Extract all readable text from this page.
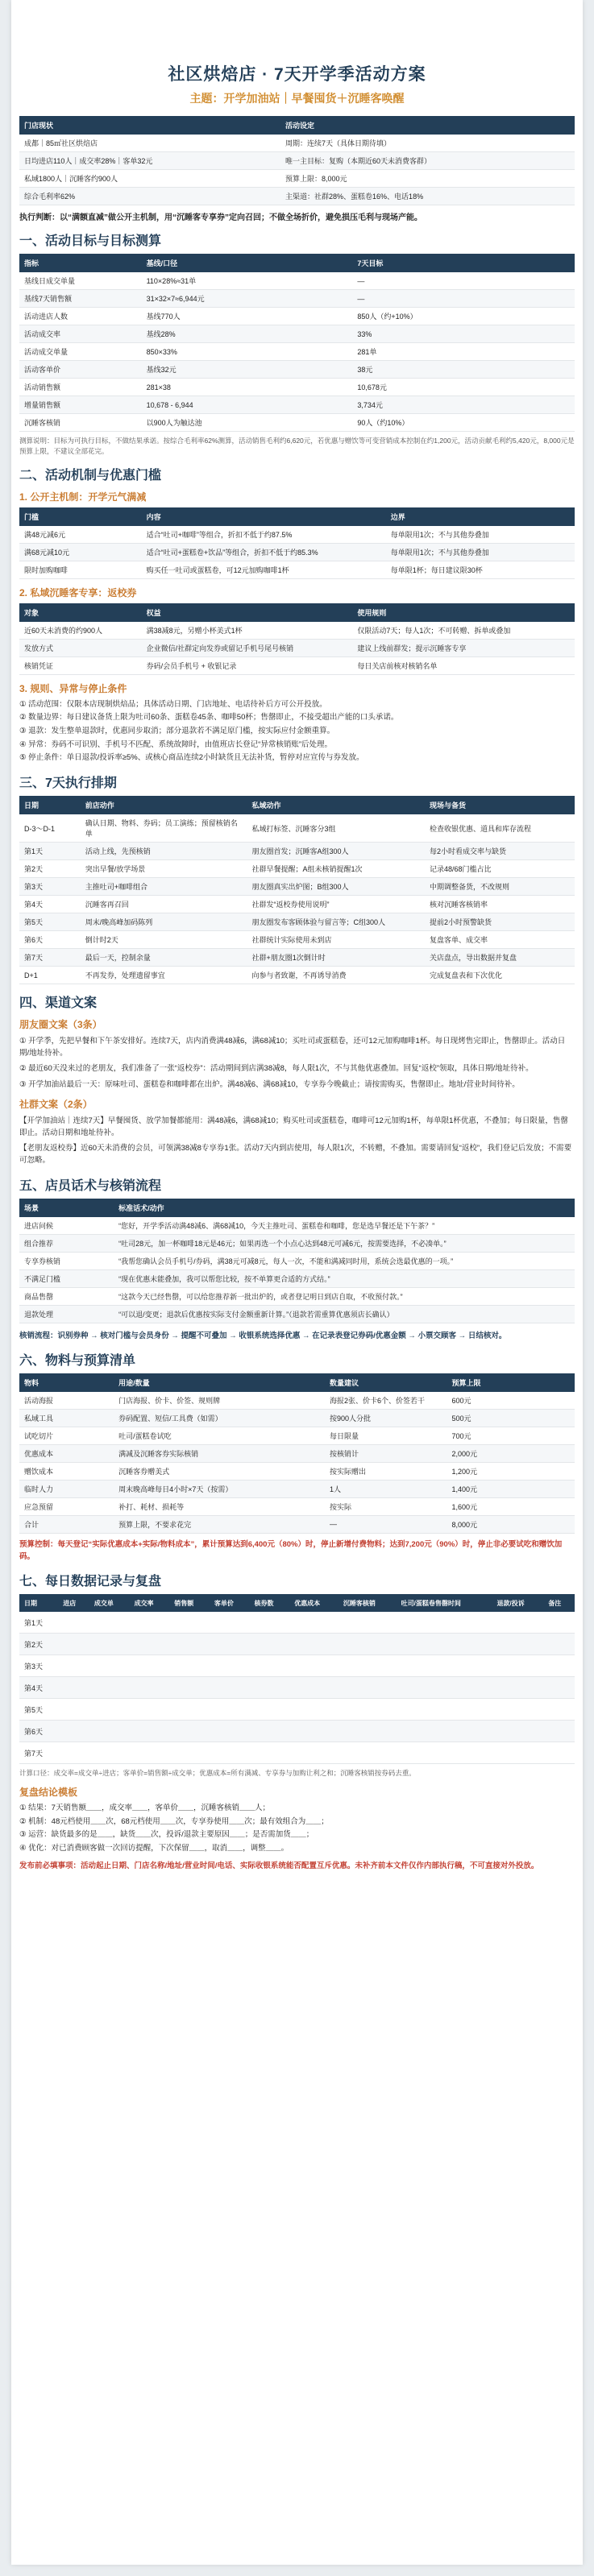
社区烘焙店 · 7天开学季活动方案
主题：开学加油站｜早餐囤货＋沉睡客唤醒
门店现状	活动设定
成都｜85㎡社区烘焙店	周期：连续7天（具体日期待填）
日均进店110人｜成交率28%｜客单32元	唯一主目标：复购（本期近60天未消费客群）
私域1800人｜沉睡客约900人	预算上限：8,000元
综合毛利率62%	主渠道：社群28%、蛋糕卷16%、电话18%
执行判断：以“满额直减”做公开主机制，用“沉睡客专享券”定向召回；不做全场折价，避免损压毛利与现场产能。
一、活动目标与目标测算
指标	基线/口径	7天目标
基线日成交单量	110×28%≈31单	—
基线7天销售额	31×32×7≈6,944元	—
活动进店人数	基线770人	850人（约+10%）
活动成交率	基线28%	33%
活动成交单量	850×33%	281单
活动客单价	基线32元	38元
活动销售额	281×38	10,678元
增量销售额	10,678 - 6,944	3,734元
沉睡客核销	以900人为触达池	90人（约10%）
测算说明：目标为可执行目标，不做结果承诺。按综合毛利率62%测算，活动销售毛利约6,620元，若优惠与赠饮等可变营销成本控制在约1,200元，活动贡献毛利约5,420元，8,000元是预算上限，不建议全部花完。
二、活动机制与优惠门槛
1. 公开主机制：开学元气满减
门槛	内容	边界
满48元减6元	适合“吐司+咖啡”等组合，折扣不低于约87.5%	每单限用1次；不与其他券叠加
满68元减10元	适合“吐司+蛋糕卷+饮品”等组合，折扣不低于约85.3%	每单限用1次；不与其他券叠加
限时加购咖啡	购买任一吐司或蛋糕卷，可12元加购咖啡1杯	每单限1杯；每日建议限30杯
2. 私域沉睡客专享：返校券
对象	权益	使用规则
近60天未消费的约900人	满38减8元，另赠小杯美式1杯	仅限活动7天；每人1次；不可转赠、拆单或叠加
发放方式	企业微信/社群定向发券或留记手机号尾号核销	建议上线前群发；提示沉睡客专享
核销凭证	券码/会员手机号 + 收银记录	每日关店前核对核销名单
3. 规则、异常与停止条件
① 活动范围：仅限本店现制烘焙品；具体活动日期、门店地址、电话待补后方可公开投放。
② 数量边界：每日建议备货上限为吐司60条、蛋糕卷45条、咖啡50杯；售罄即止，不接受超出产能的口头承诺。
③ 退款：发生整单退款时，优惠同步取消；部分退款若不满足原门槛，按实际应付金额重算。
④ 异常：券码不可识别、手机号不匹配、系统故障时，由值班店长登记“异常核销账”后处理。
⑤ 停止条件：单日退款/投诉率≥5%、或核心商品连续2小时缺货且无法补货，暂停对应宣传与券发放。
三、7天执行排期
日期	前店动作	私域动作	现场与备货
D-3～D-1	确认日期、物料、券码；员工演练；预留核销名单	私域打标签、沉睡客分3组	检查收银优惠、道具和库存流程
第1天	活动上线，先预核销	朋友圈首发；沉睡客A组300人	每2小时看成交率与缺货
第2天	突出早餐/放学场景	社群早餐提醒；A组未核销提醒1次	记录48/68门槛占比
第3天	主推吐司+咖啡组合	朋友圈真实出炉图；B组300人	中期调整备货，不改规则
第4天	沉睡客再召回	社群发“返校券使用说明”	核对沉睡客核销率
第5天	周末/晚高峰加码陈列	朋友圈发布客顾体验与留言等；C组300人	提前2小时预警缺货
第6天	倒计时2天	社群统计实际使用未到店	复盘客单、成交率
第7天	最后一天，控制余量	社群+朋友圈1次倒计时	关店盘点，导出数据并复盘
D+1	不再发券，处理遗留事宜	向参与者致谢，不再诱导消费	完成复盘表和下次优化
四、渠道文案
朋友圈文案（3条）
① 开学季，先把早餐和下午茶安排好。连续7天，店内消费满48减6，满68减10；买吐司或蛋糕卷，还可12元加购咖啡1杯。每日现烤售完即止，售罄即止。活动日期/地址待补。
② 最近60天没来过的老朋友，我们准备了一张“返校券”：活动期间到店满38减8，每人限1次，不与其他优惠叠加。回复“返校”领取，具体日期/地址待补。
③ 开学加油站最后一天：原味吐司、蛋糕卷和咖啡都在出炉。满48减6、满68减10，专享券今晚截止；请按需购买，售罄即止。地址/营业时间待补。
社群文案（2条）
【开学加油站｜连续7天】早餐囤货、放学加餐都能用：满48减6，满68减10；购买吐司或蛋糕卷，咖啡可12元加购1杯，每单限1杯优惠，不叠加；每日限量，售罄即止。活动日期和地址待补。
【老朋友返校券】近60天未消费的会员，可领满38减8专享券1张。活动7天内到店使用，每人限1次，不转赠，不叠加。需要请回复“返校”，我们登记后发放；不需要可忽略。
五、店员话术与核销流程
场景	标准话术/动作
进店问候	“您好，开学季活动满48减6、满68减10，今天主推吐司、蛋糕卷和咖啡，您是选早餐还是下午茶？”
组合推荐	“吐司28元，加一杯咖啡18元是46元；如果再选一个小点心达到48元可减6元，按需要选择，不必凑单。”
专享券核销	“我帮您确认会员手机号/券码，满38元可减8元，每人一次，不能和满减同时用，系统会选最优惠的一项。”
不满足门槛	“现在优惠未能叠加，我可以帮您比较，按不单算更合适的方式结。”
商品售罄	“这款今天已经售罄，可以给您推荐新一批出炉的，或者登记明日到店自取，不收预付款。”
退款处理	“可以退/变更；退款后优惠按实际支付金额重新计算。”（退款若需重算优惠须店长确认）
核销流程：识别券种 → 核对门槛与会员身份 → 提醒不可叠加 → 收银系统选择优惠 → 在记录表登记券码/优惠金额 → 小票交顾客 → 日结核对。
六、物料与预算清单
物料	用途/数量	数量建议	预算上限
活动海报	门店海报、价卡、价签、规则牌	海报2张、价卡6个、价签若干	600元
私域工具	券码配置、短信/工具费（如需）	按900人分批	500元
试吃切片	吐司/蛋糕卷试吃	每日限量	700元
优惠成本	满减及沉睡客券实际核销	按核销计	2,000元
赠饮成本	沉睡客券赠美式	按实际赠出	1,200元
临时人力	周末晚高峰每日4小时×7天（按需）	1人	1,400元
应急预留	补打、耗材、损耗等	按实际	1,600元
合计	预算上限，不要求花完	—	8,000元
预算控制：每天登记“实际优惠成本+实际/物料成本”，累计预算达到6,400元（80%）时，停止新增付费物料；达到7,200元（90%）时，停止非必要试吃和赠饮加码。
七、每日数据记录与复盘
日期	进店	成交单	成交率	销售额	客单价	核券数	优惠成本	沉睡客核销	吐司/蛋糕卷售罄时间	退款/投诉	备注
第1天											
第2天											
第3天											
第4天											
第5天											
第6天											
第7天											
计算口径：成交率=成交单÷进店；客单价=销售额÷成交单；优惠成本=所有满减、专享券与加购让利之和；沉睡客核销按券码去重。
复盘结论模板
① 结果：7天销售额＿＿，成交率＿＿，客单价＿＿，沉睡客核销＿＿人；
② 机制：48元档使用＿＿次，68元档使用＿＿次，专享券使用＿＿次；最有效组合为＿＿；
③ 运营：缺货最多的是＿＿，缺货＿＿次，投诉/退款主要原因＿＿；是否需加货＿＿；
④ 优化：对已消费顾客做一次回访提醒，下次保留＿＿，取消＿＿，调整＿＿。
发布前必填事项：活动起止日期、门店名称/地址/营业时间/电话、实际收银系统能否配置互斥优惠。未补齐前本文件仅作内部执行稿，不可直接对外投放。
